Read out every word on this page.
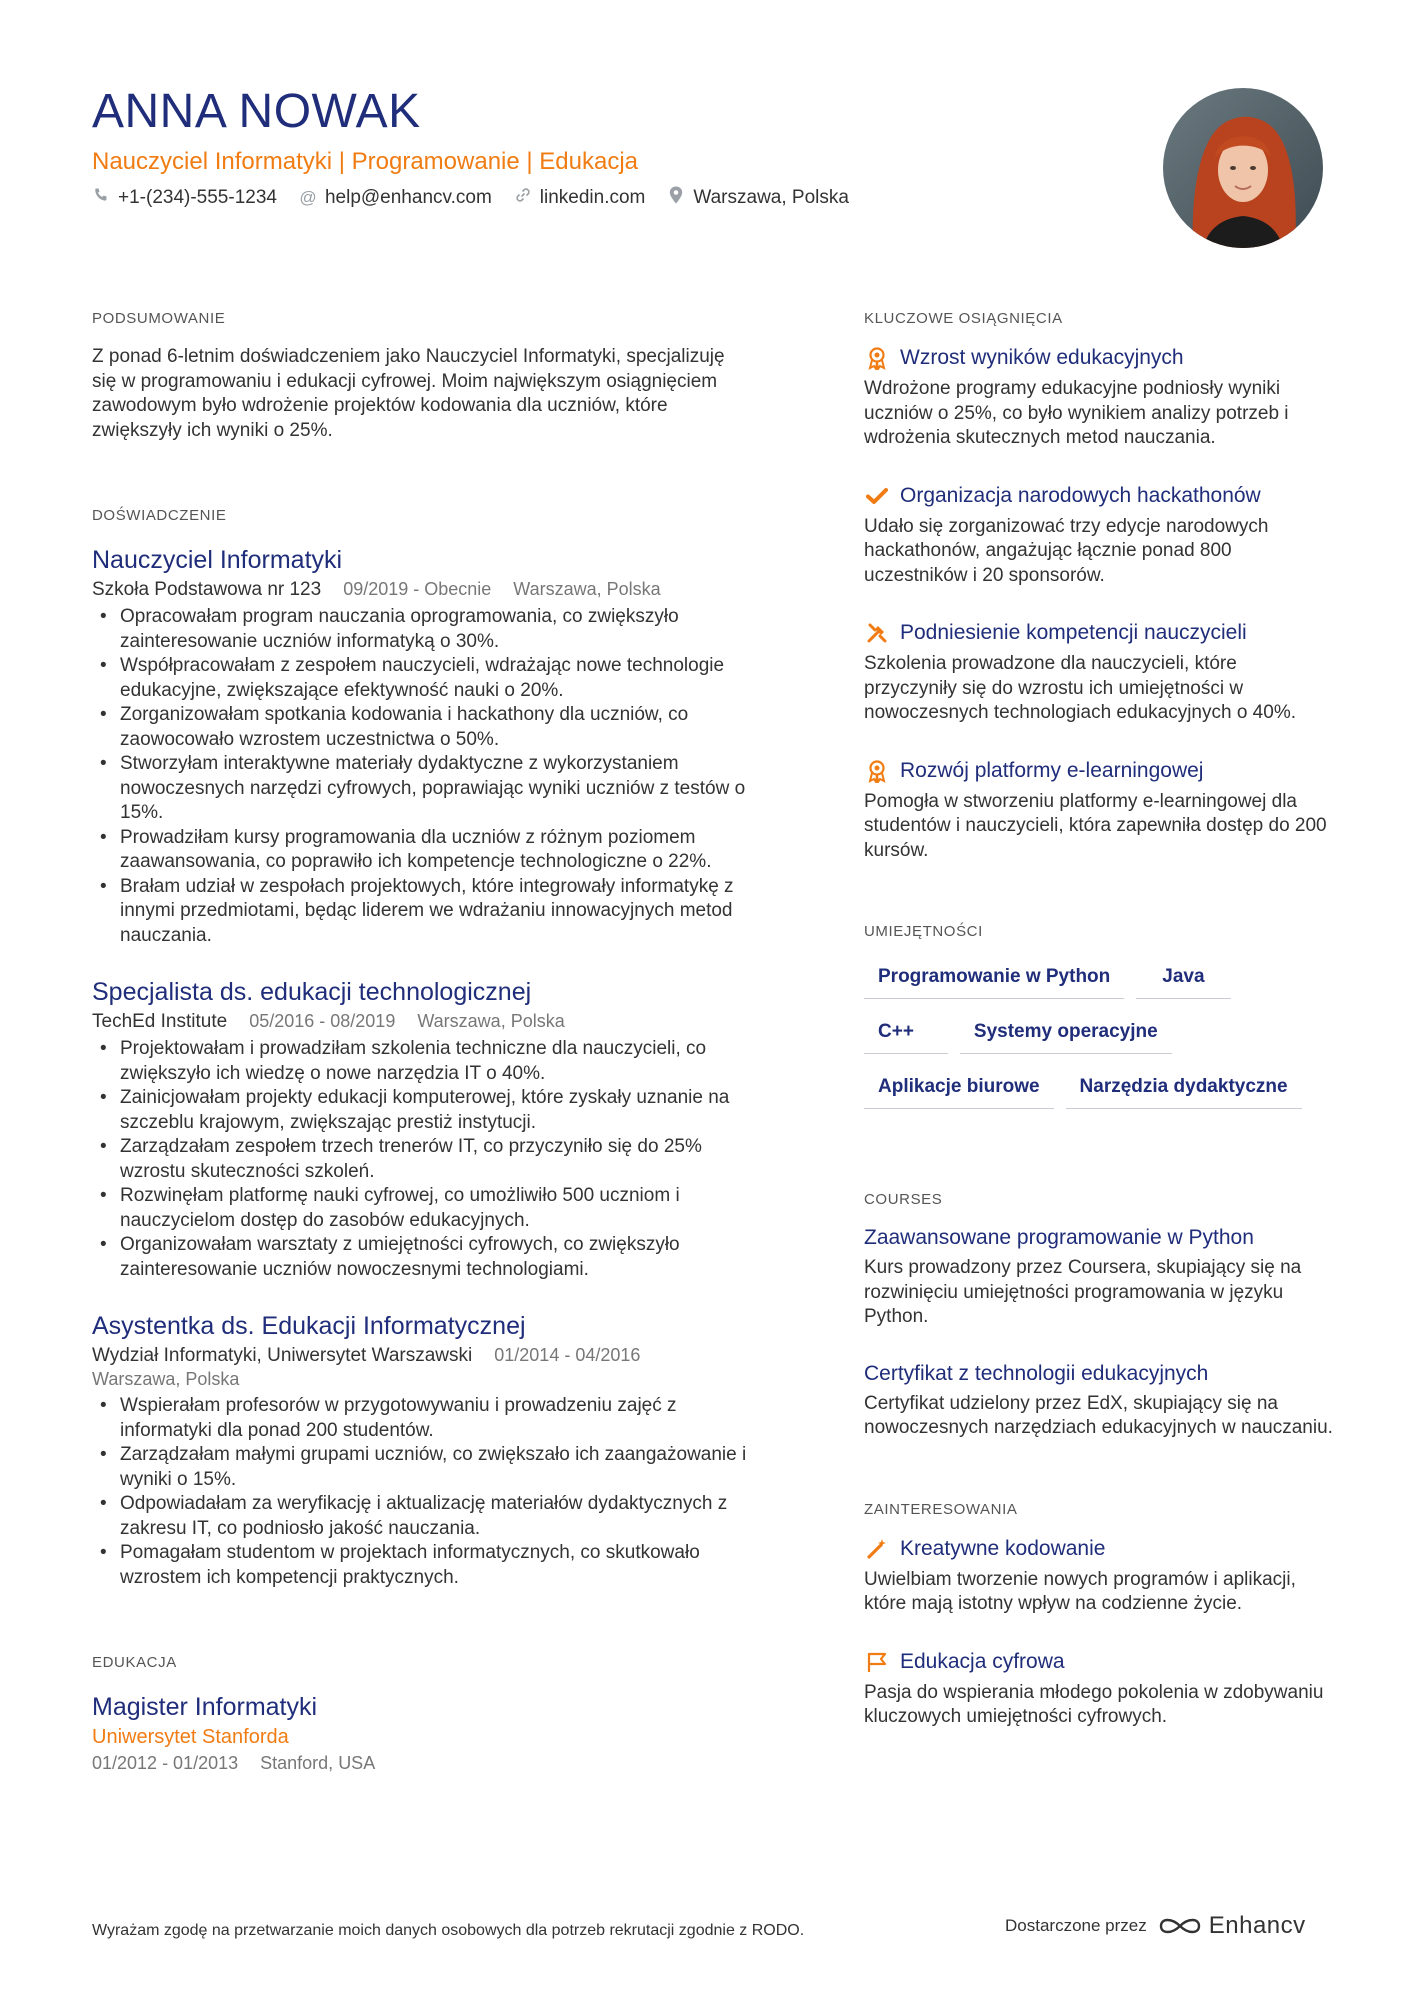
ANNA NOWAK
Nauczyciel Informatyki | Programowanie | Edukacja
+1-(234)-555-1234 @ help@enhancv.com	linkedin.com	Warszawa, Polska
PODSUMOWANIE

Z ponad 6-letnim doświadczeniem jako Nauczyciel Informatyki, specjalizuję się w programowaniu i edukacji cyfrowej. Moim największym osiągnięciem zawodowym było wdrożenie projektów kodowania dla uczniów, które zwiększyły ich wyniki o 25%.

DOŚWIADCZENIE
Nauczyciel Informatyki
Szkoła Podstawowa nr 123 09/2019 - Obecnie Warszawa, Polska
• Opracowałam program nauczania oprogramowania, co zwiększyło zainteresowanie uczniów informatyką o 30%.
• Współpracowałam z zespołem nauczycieli, wdrażając nowe technologie edukacyjne, zwiększające efektywność nauki o 20%.
• Zorganizowałam spotkania kodowania i hackathony dla uczniów, co zaowocowało wzrostem uczestnictwa o 50%.
• Stworzyłam interaktywne materiały dydaktyczne z wykorzystaniem nowoczesnych narzędzi cyfrowych, poprawiając wyniki uczniów z testów o 15%.
• Prowadziłam kursy programowania dla uczniów z różnym poziomem zaawansowania, co poprawiło ich kompetencje technologiczne o 22%.
• Brałam udział w zespołach projektowych, które integrowały informatykę z innymi przedmiotami, będąc liderem we wdrażaniu innowacyjnych metod nauczania.
Specjalista ds. edukacji technologicznej
TechEd Institute 05/2016 - 08/2019 Warszawa, Polska
• Projektowałam i prowadziłam szkolenia techniczne dla nauczycieli, co zwiększyło ich wiedzę o nowe narzędzia IT o 40%.
• Zainicjowałam projekty edukacji komputerowej, które zyskały uznanie na szczeblu krajowym, zwiększając prestiż instytucji.
• Zarządzałam zespołem trzech trenerów IT, co przyczyniło się do 25% wzrostu skuteczności szkoleń.
• Rozwinęłam platformę nauki cyfrowej, co umożliwiło 500 uczniom i nauczycielom dostęp do zasobów edukacyjnych.
• Organizowałam warsztaty z umiejętności cyfrowych, co zwiększyło zainteresowanie uczniów nowoczesnymi technologiami.
Asystentka ds. Edukacji Informatycznej
Wydział Informatyki, Uniwersytet Warszawski 01/2014 - 04/2016
Warszawa, Polska
• Wspierałam profesorów w przygotowywaniu i prowadzeniu zajęć z informatyki dla ponad 200 studentów.
• Zarządzałam małymi grupami uczniów, co zwiększało ich zaangażowanie i wyniki o 15%.
• Odpowiadałam za weryfikację i aktualizację materiałów dydaktycznych z zakresu IT, co podniosło jakość nauczania.
• Pomagałam studentom w projektach informatycznych, co skutkowało wzrostem ich kompetencji praktycznych.
EDUKACJA
Magister Informatyki
Uniwersytet Stanforda
01/2012 - 01/2013 Stanford, USA
KLUCZOWE OSIĄGNIĘCIA
Wzrost wyników edukacyjnych

Wdrożone programy edukacyjne podniosły wyniki uczniów o 25%, co było wynikiem analizy potrzeb i wdrożenia skutecznych metod nauczania.

Organizacja narodowych hackathonów

Udało się zorganizować trzy edycje narodowych hackathonów, angażując łącznie ponad 800 uczestników i 20 sponsorów.

Podniesienie kompetencji nauczycieli

Szkolenia prowadzone dla nauczycieli, które przyczyniły się do wzrostu ich umiejętności w nowoczesnych technologiach edukacyjnych o 40%.

Rozwój platformy e-learningowej

Pomogła w stworzeniu platformy e-learningowej dla studentów i nauczycieli, która zapewniła dostęp do 200 kursów.

UMIEJĘTNOŚCI
Programowanie w Python	Java
C++	Systemy operacyjne
Aplikacje biurowe	Narzędzia dydaktyczne
COURSES
Zaawansowane programowanie w Python

Kurs prowadzony przez Coursera, skupiający się na rozwinięciu umiejętności programowania w języku Python.

Certyfikat z technologii edukacyjnych

Certyfikat udzielony przez EdX, skupiający się na nowoczesnych narzędziach edukacyjnych w nauczaniu.

ZAINTERESOWANIA
Kreatywne kodowanie

Uwielbiam tworzenie nowych programów i aplikacji, które mają istotny wpływ na codzienne życie.

Edukacja cyfrowa

Pasja do wspierania młodego pokolenia w zdobywaniu kluczowych umiejętności cyfrowych.

Wyrażam zgodę na przetwarzanie moich danych osobowych dla potrzeb rekrutacji zgodnie z RODO.	Dostarczone przez	Enhancv
